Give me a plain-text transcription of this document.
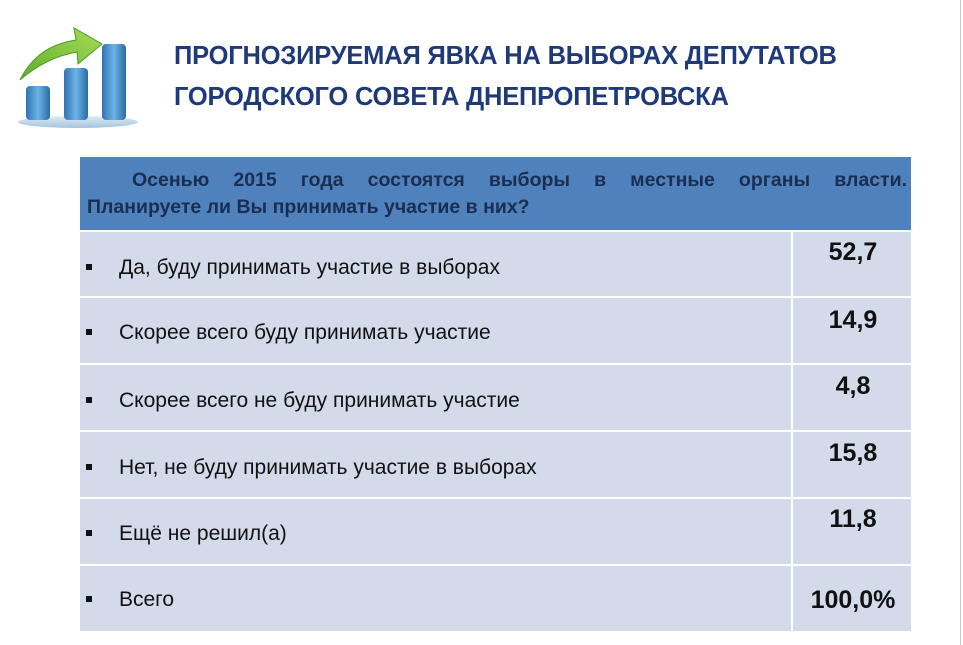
ПРОГНОЗИРУЕМАЯ ЯВКА НА ВЫБОРАХ ДЕПУТАТОВ
ГОРОДСКОГО СОВЕТА ДНЕПРОПЕТРОВСКА
Осенью 2015 года состоятся выборы в местные органы власти.
Планируете ли Вы принимать участие в них?
Да, буду принимать участие в выборах
52,7
Скорее всего буду принимать участие	14,9
Скорее всего не буду принимать участие
4,8
Нет, не буду принимать участие в выборах
15,8
Ещё не решил(а)
11,8
Всего	100,0%
